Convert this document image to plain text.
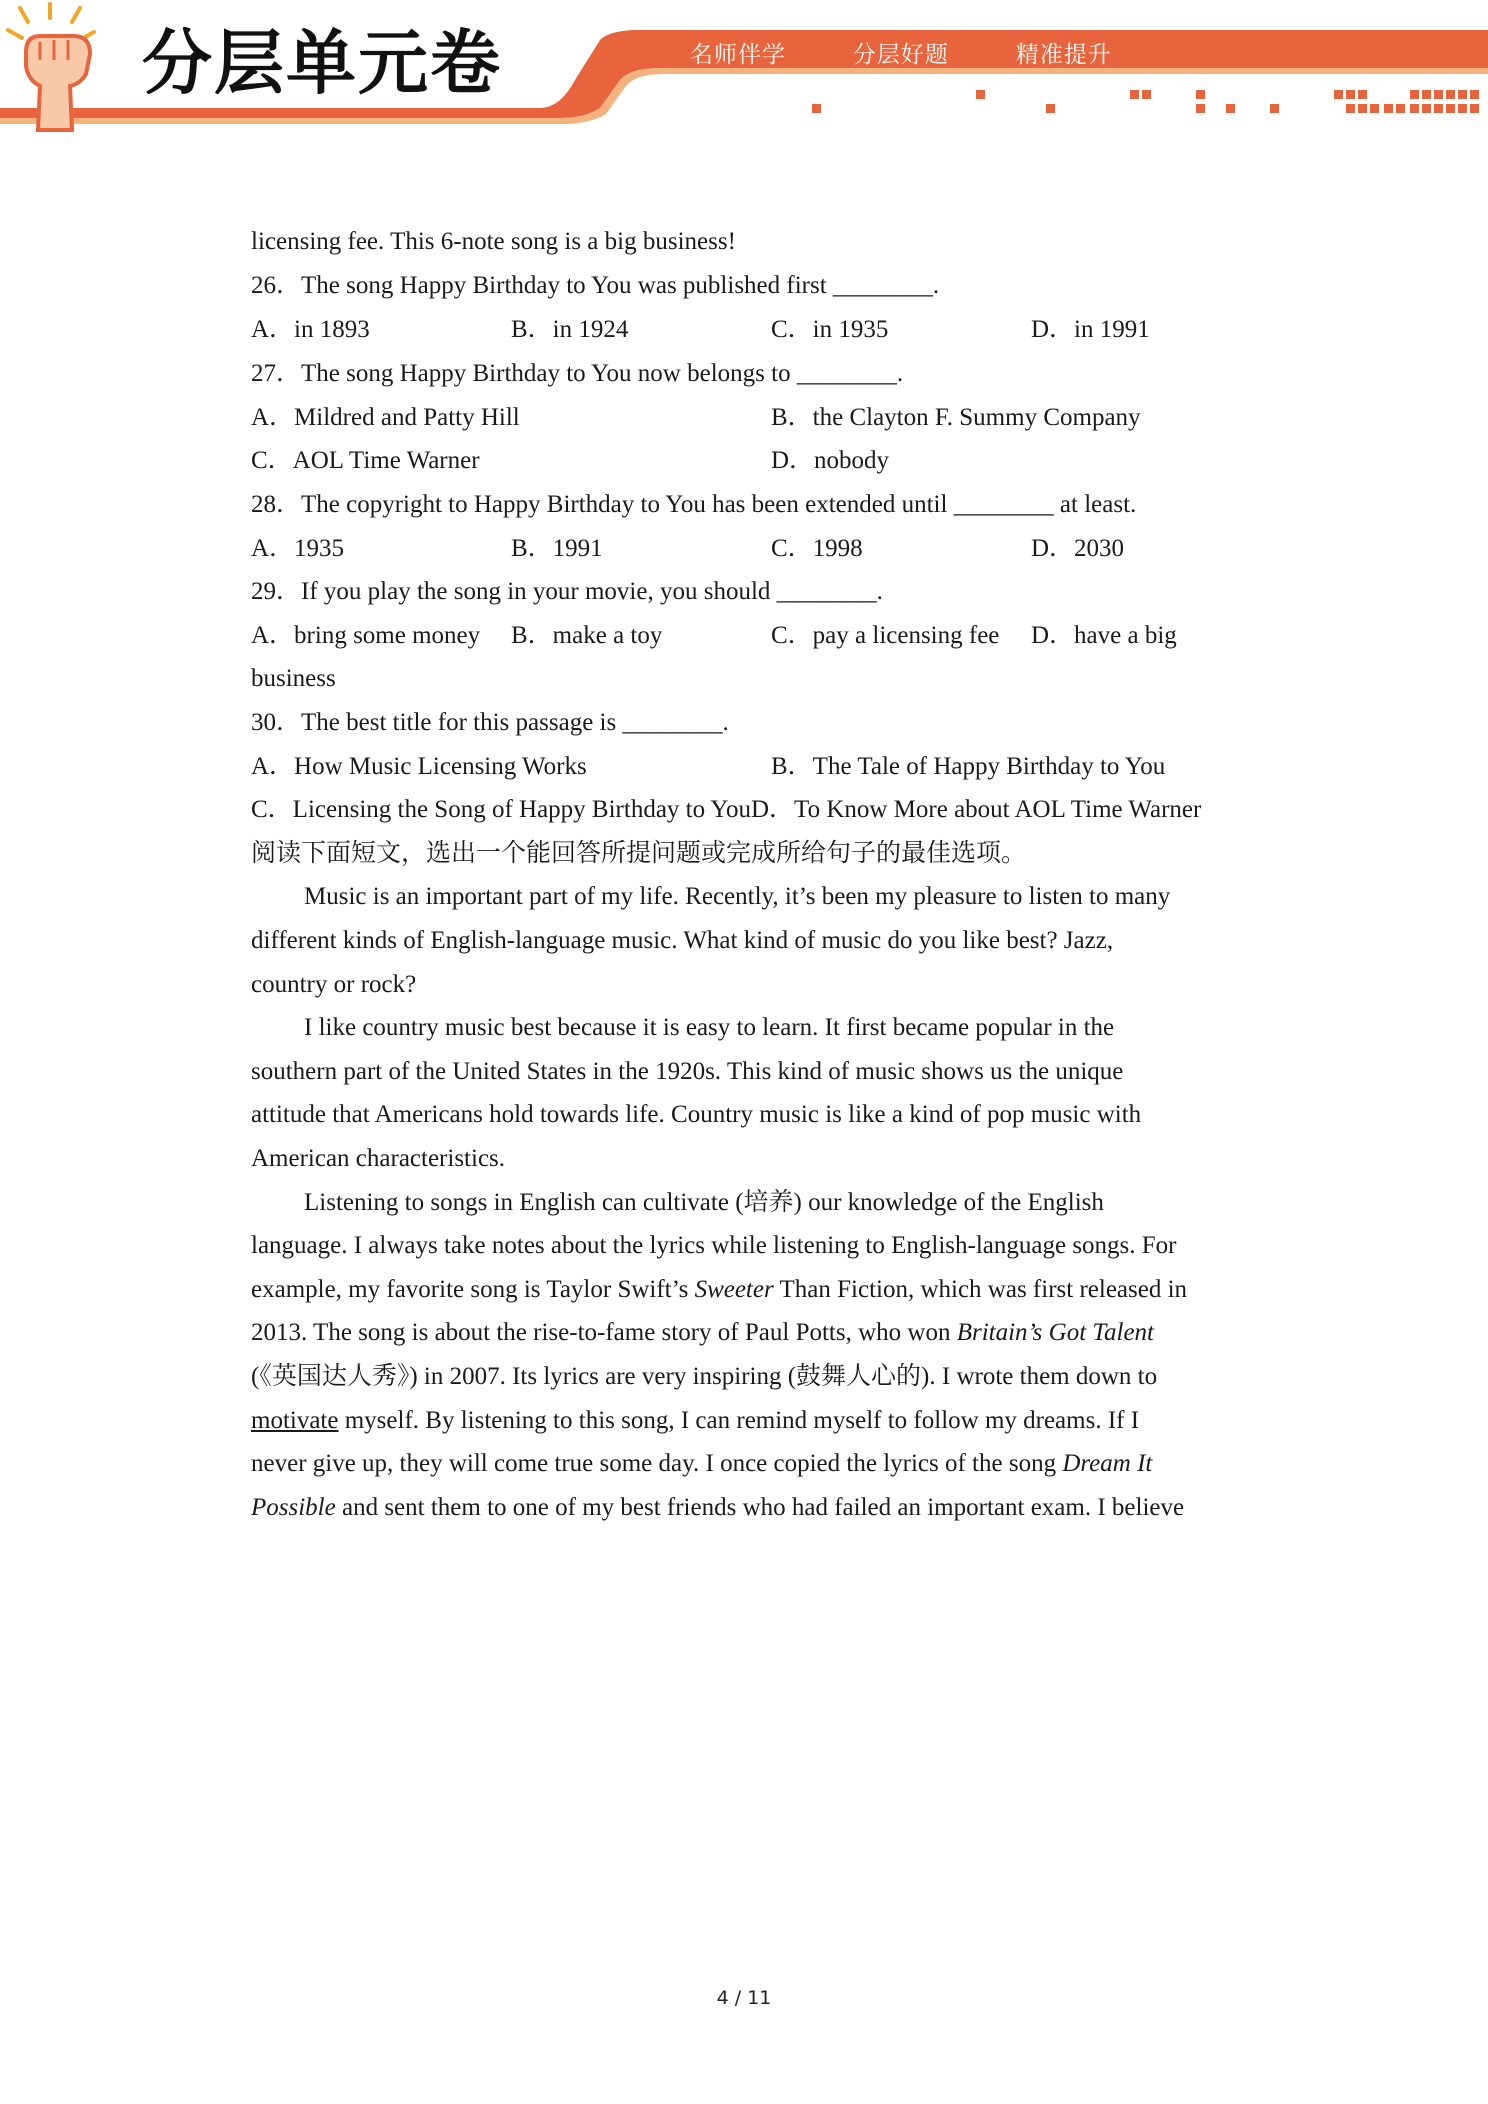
分层单元卷	名师伴学   分层好题   精准提升
licensing fee. This 6-note song is a big business!
26．The song Happy Birthday to You was published first ________.
A．in 1893	B．in 1924	C．in 1935	D．in 1991
27．The song Happy Birthday to You now belongs to ________.
A．Mildred and Patty Hill	B．the Clayton F. Summy Company
C．AOL Time Warner	D．nobody
28．The copyright to Happy Birthday to You has been extended until ________ at least.
A．1935	B．1991	C．1998	D．2030
29．If you play the song in your movie, you should ________.
A．bring some money B．make a toy	C．pay a licensing fee D．have a big
business
30．The best title for this passage is ________.
A．How Music Licensing Works	B．The Tale of Happy Birthday to You
C．Licensing the Song of Happy Birthday to YouD．To Know More about AOL Time Warner
阅读下面短文，选出一个能回答所提问题或完成所给句子的最佳选项。
Music is an important part of my life. Recently, it’s been my pleasure to listen to many
different kinds of English-language music. What kind of music do you like best? Jazz,
country or rock?
I like country music best because it is easy to learn. It first became popular in the
southern part of the United States in the 1920s. This kind of music shows us the unique
attitude that Americans hold towards life. Country music is like a kind of pop music with
American characteristics.
Listening to songs in English can cultivate (培养) our knowledge of the English
language. I always take notes about the lyrics while listening to English-language songs. For
example, my favorite song is Taylor Swift’s Sweeter Than Fiction, which was first released in
2013. The song is about the rise-to-fame story of Paul Potts, who won Britain’s Got Talent
(《英国达人秀》) in 2007. Its lyrics are very inspiring (鼓舞人心的). I wrote them down to
motivate myself. By listening to this song, I can remind myself to follow my dreams. If I
never give up, they will come true some day. I once copied the lyrics of the song Dream It
Possible and sent them to one of my best friends who had failed an important exam. I believe
4 / 11
